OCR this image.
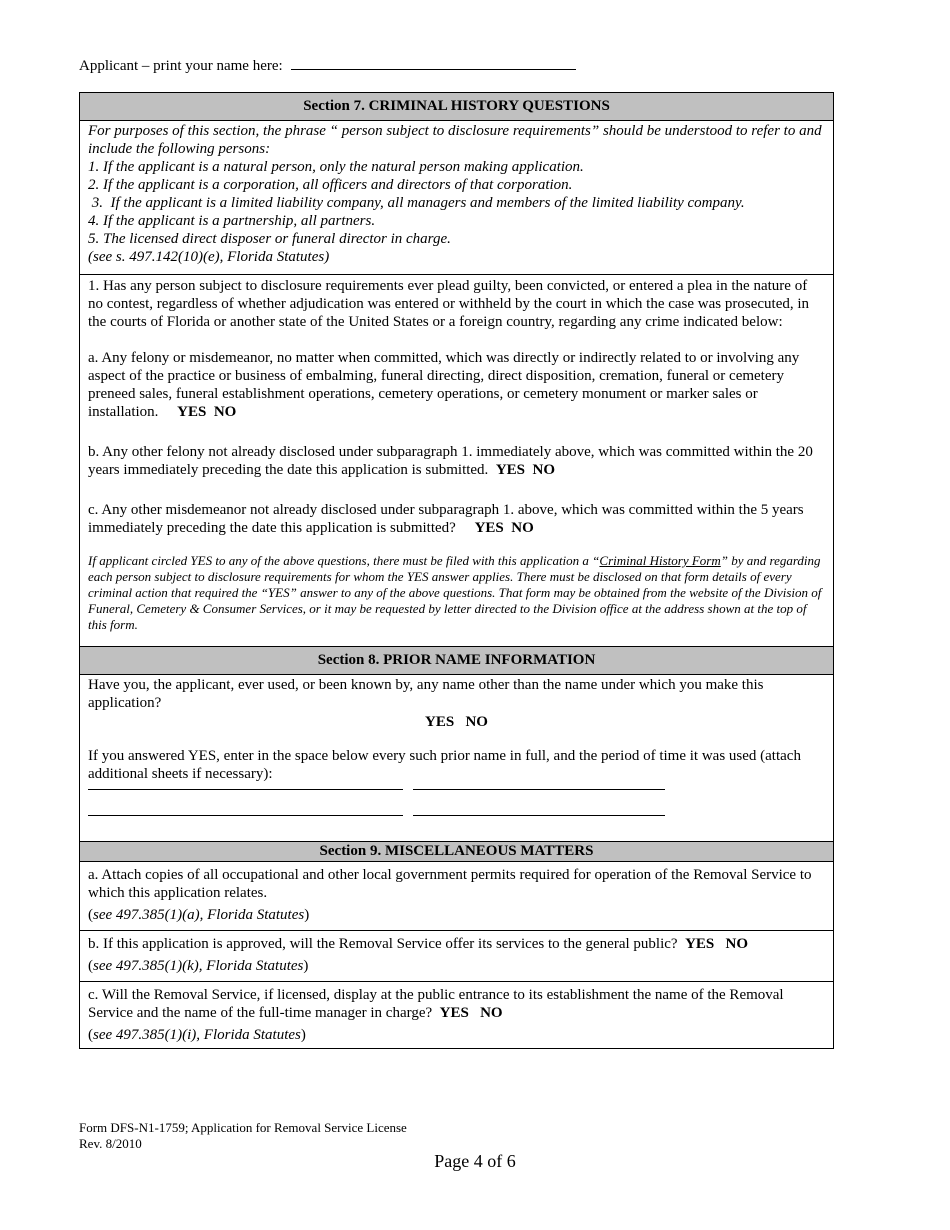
Applicant – print your name here:
Section 7. CRIMINAL HISTORY QUESTIONS
For purposes of this section, the phrase “ person subject to disclosure requirements” should be understood to refer to and include the following persons:
1. If the applicant is a natural person, only the natural person making application.
2. If the applicant is a corporation, all officers and directors of that corporation.
3.  If the applicant is a limited liability company, all managers and members of the limited liability company.
4. If the applicant is a partnership, all partners.
5. The licensed direct disposer or funeral director in charge.
(see s. 497.142(10)(e), Florida Statutes)
1. Has any person subject to disclosure requirements ever plead guilty, been convicted, or entered a plea in the nature of no contest, regardless of whether adjudication was entered or withheld by the court in which the case was prosecuted, in the courts of Florida or another state of the United States or a foreign country, regarding any crime indicated below:
a. Any felony or misdemeanor, no matter when committed, which was directly or indirectly related to or involving any aspect of the practice or business of embalming, funeral directing, direct disposition, cremation, funeral or cemetery preneed sales, funeral establishment operations, cemetery operations, or cemetery monument or marker sales or installation. YES  NO
b. Any other felony not already disclosed under subparagraph 1. immediately above, which was committed within the 20 years immediately preceding the date this application is submitted. YES  NO
c. Any other misdemeanor not already disclosed under subparagraph 1. above, which was committed within the 5 years immediately preceding the date this application is submitted? YES  NO
If applicant circled YES to any of the above questions, there must be filed with this application a “Criminal History Form” by and regarding each person subject to disclosure requirements for whom the YES answer applies. There must be disclosed on that form details of every criminal action that required the “YES” answer to any of the above questions. That form may be obtained from the website of the Division of Funeral, Cemetery & Consumer Services, or it may be requested by letter directed to the Division office at the address shown at the top of this form.
Section 8. PRIOR NAME INFORMATION
Have you, the applicant, ever used, or been known by, any name other than the name under which you make this application?
YES   NO
If you answered YES, enter in the space below every such prior name in full, and the period of time it was used (attach additional sheets if necessary):
Section 9. MISCELLANEOUS MATTERS
a. Attach copies of all occupational and other local government permits required for operation of the Removal Service to which this application relates.
(see 497.385(1)(a), Florida Statutes)
b. If this application is approved, will the Removal Service offer its services to the general public? YES   NO
(see 497.385(1)(k), Florida Statutes)
c. Will the Removal Service, if licensed, display at the public entrance to its establishment the name of the Removal Service and the name of the full-time manager in charge? YES   NO
(see 497.385(1)(i), Florida Statutes)
Form DFS-N1-1759; Application for Removal Service License
Rev. 8/2010
Page 4 of 6
